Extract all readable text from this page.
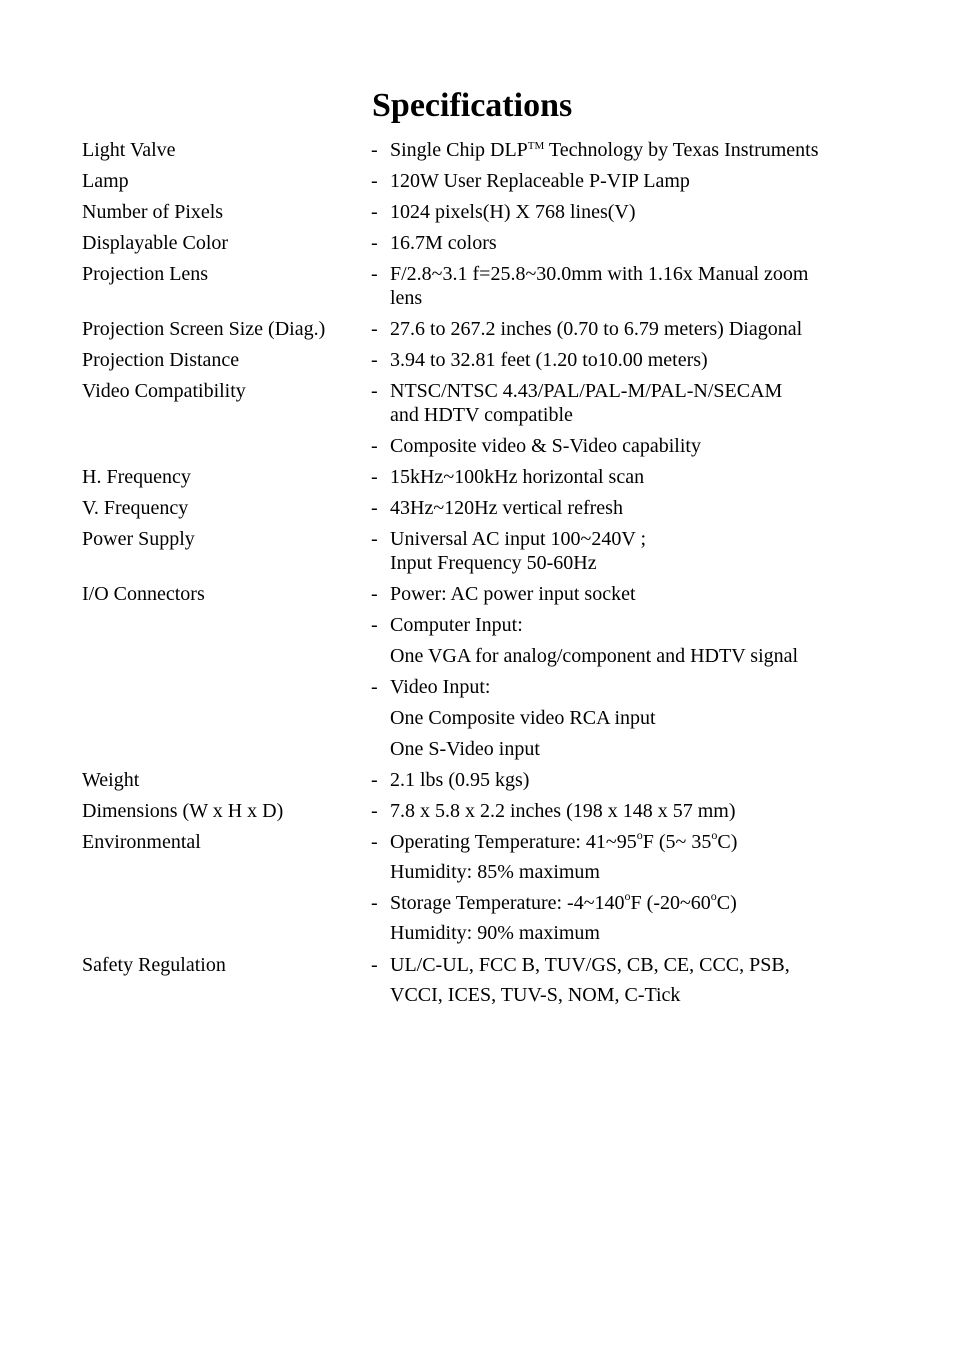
Specifications
Light Valve	- Single Chip DLP™ Technology by Texas Instruments
Lamp	- 120W User Replaceable P-VIP Lamp
Number of Pixels	- 1024 pixels(H) X 768 lines(V)
Displayable Color	- 16.7M colors
Projection Lens	- F/2.8~3.1 f=25.8~30.0mm with 1.16x Manual zoom
lens
Projection Screen Size (Diag.) - 27.6 to 267.2 inches (0.70 to 6.79 meters) Diagonal
Projection Distance	- 3.94 to 32.81 feet (1.20 to10.00 meters)
Video Compatibility	- NTSC/NTSC 4.43/PAL/PAL-M/PAL-N/SECAM
and HDTV compatible
- Composite video & S-Video capability
H. Frequency	- 15kHz~100kHz horizontal scan
V. Frequency	- 43Hz~120Hz vertical refresh
Power Supply	- Universal AC input 100~240V ;
Input Frequency 50-60Hz
I/O Connectors	- Power: AC power input socket
- Computer Input:
One VGA for analog/component and HDTV signal
- Video Input:
One Composite video RCA input
One S-Video input
Weight	- 2.1 lbs (0.95 kgs)
Dimensions (W x H x D)	- 7.8 x 5.8 x 2.2 inches (198 x 148 x 57 mm)
Environmental	- Operating Temperature: 41~95$^o$F (5~ 35$^o$C)
Humidity: 85% maximum
- Storage Temperature: -4~140$^o$F (-20~60$^o$C)
Humidity: 90% maximum
Safety Regulation	- UL/C-UL, FCC B, TUV/GS, CB, CE, CCC, PSB,
VCCI, ICES, TUV-S, NOM, C-Tick
